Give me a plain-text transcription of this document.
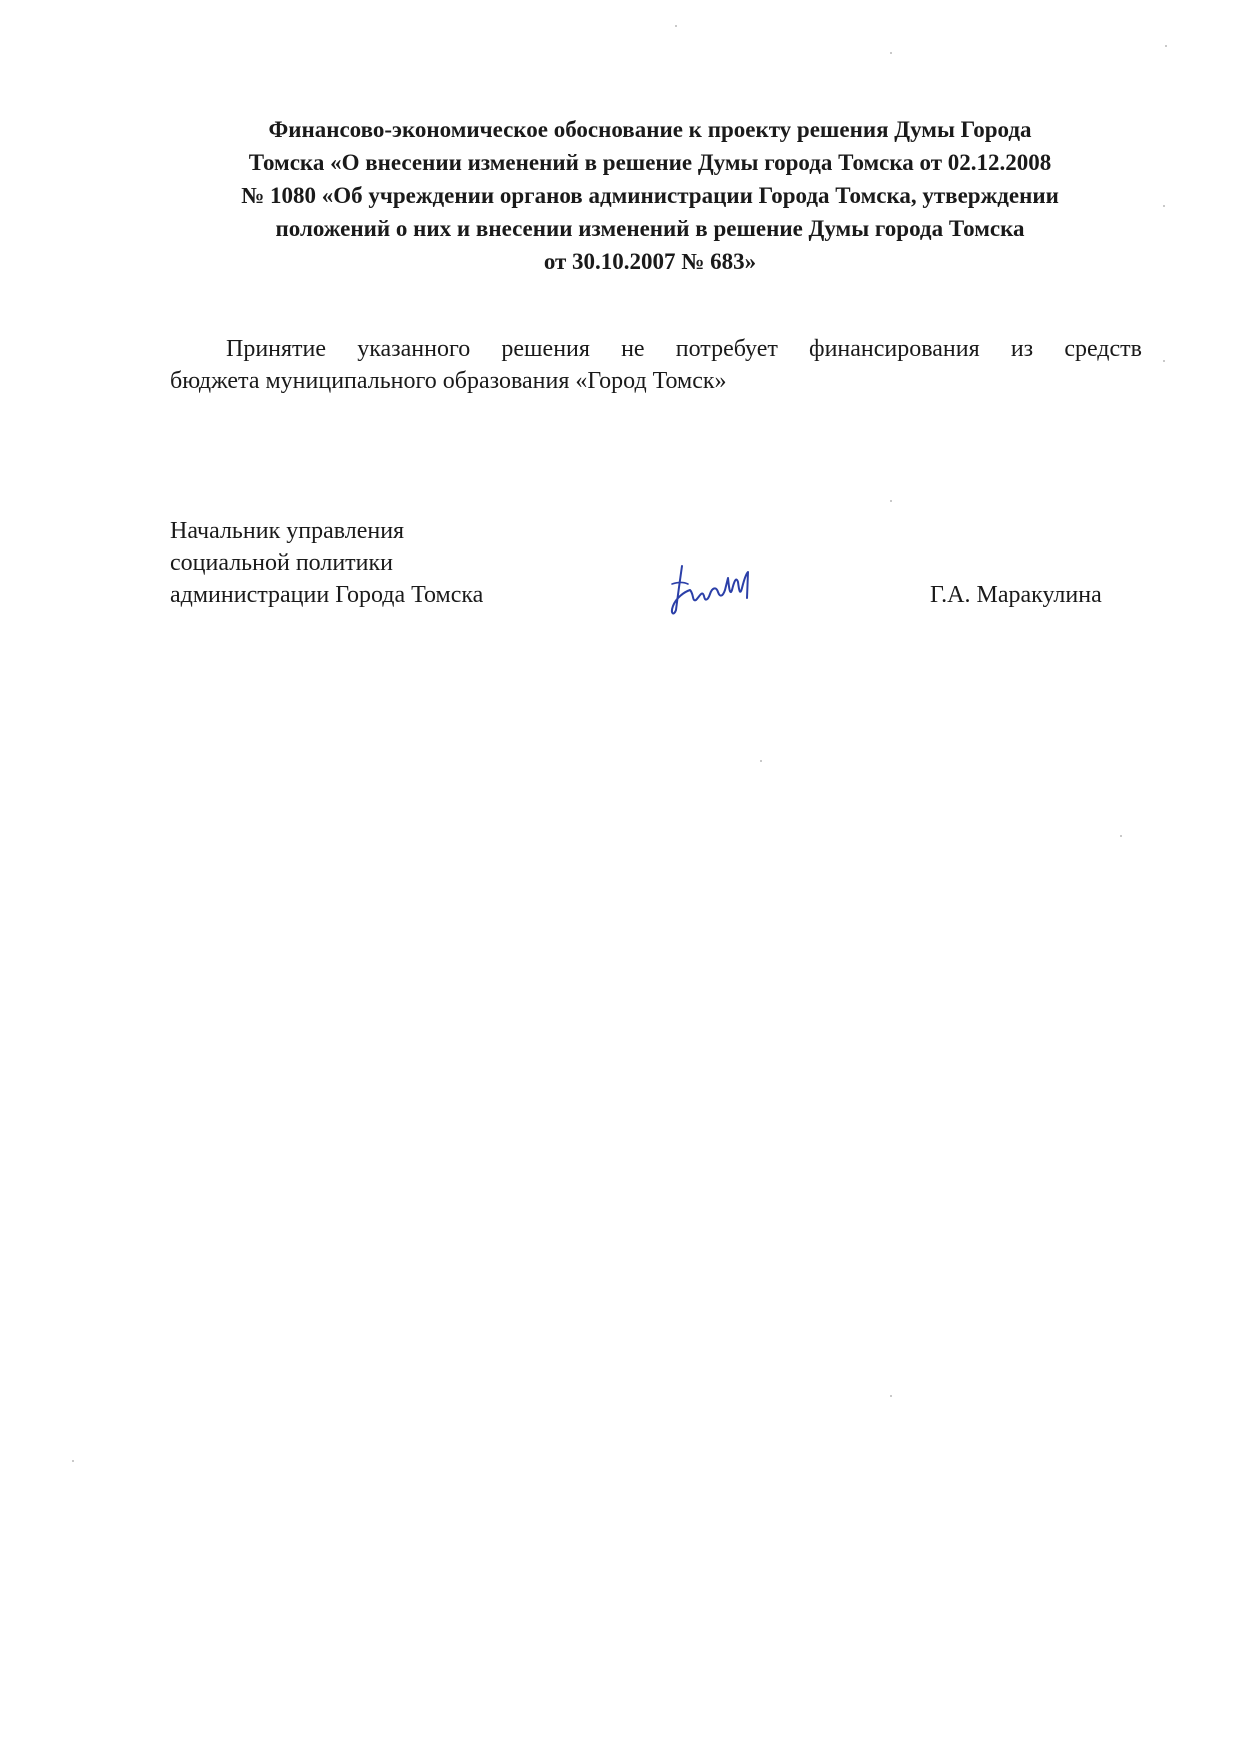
Финансово-экономическое обоснование к проекту решения Думы Города
Томска «О внесении изменений в решение Думы города Томска от 02.12.2008
№ 1080 «Об учреждении органов администрации Города Томска, утверждении
положений о них и внесении изменений в решение Думы города Томска
от 30.10.2007 № 683»
Принятие указанного решения не потребует финансирования из средств
бюджета муниципального образования «Город Томск»
Начальник управления
социальной политики
администрации Города Томска	Г.А. Маракулина
